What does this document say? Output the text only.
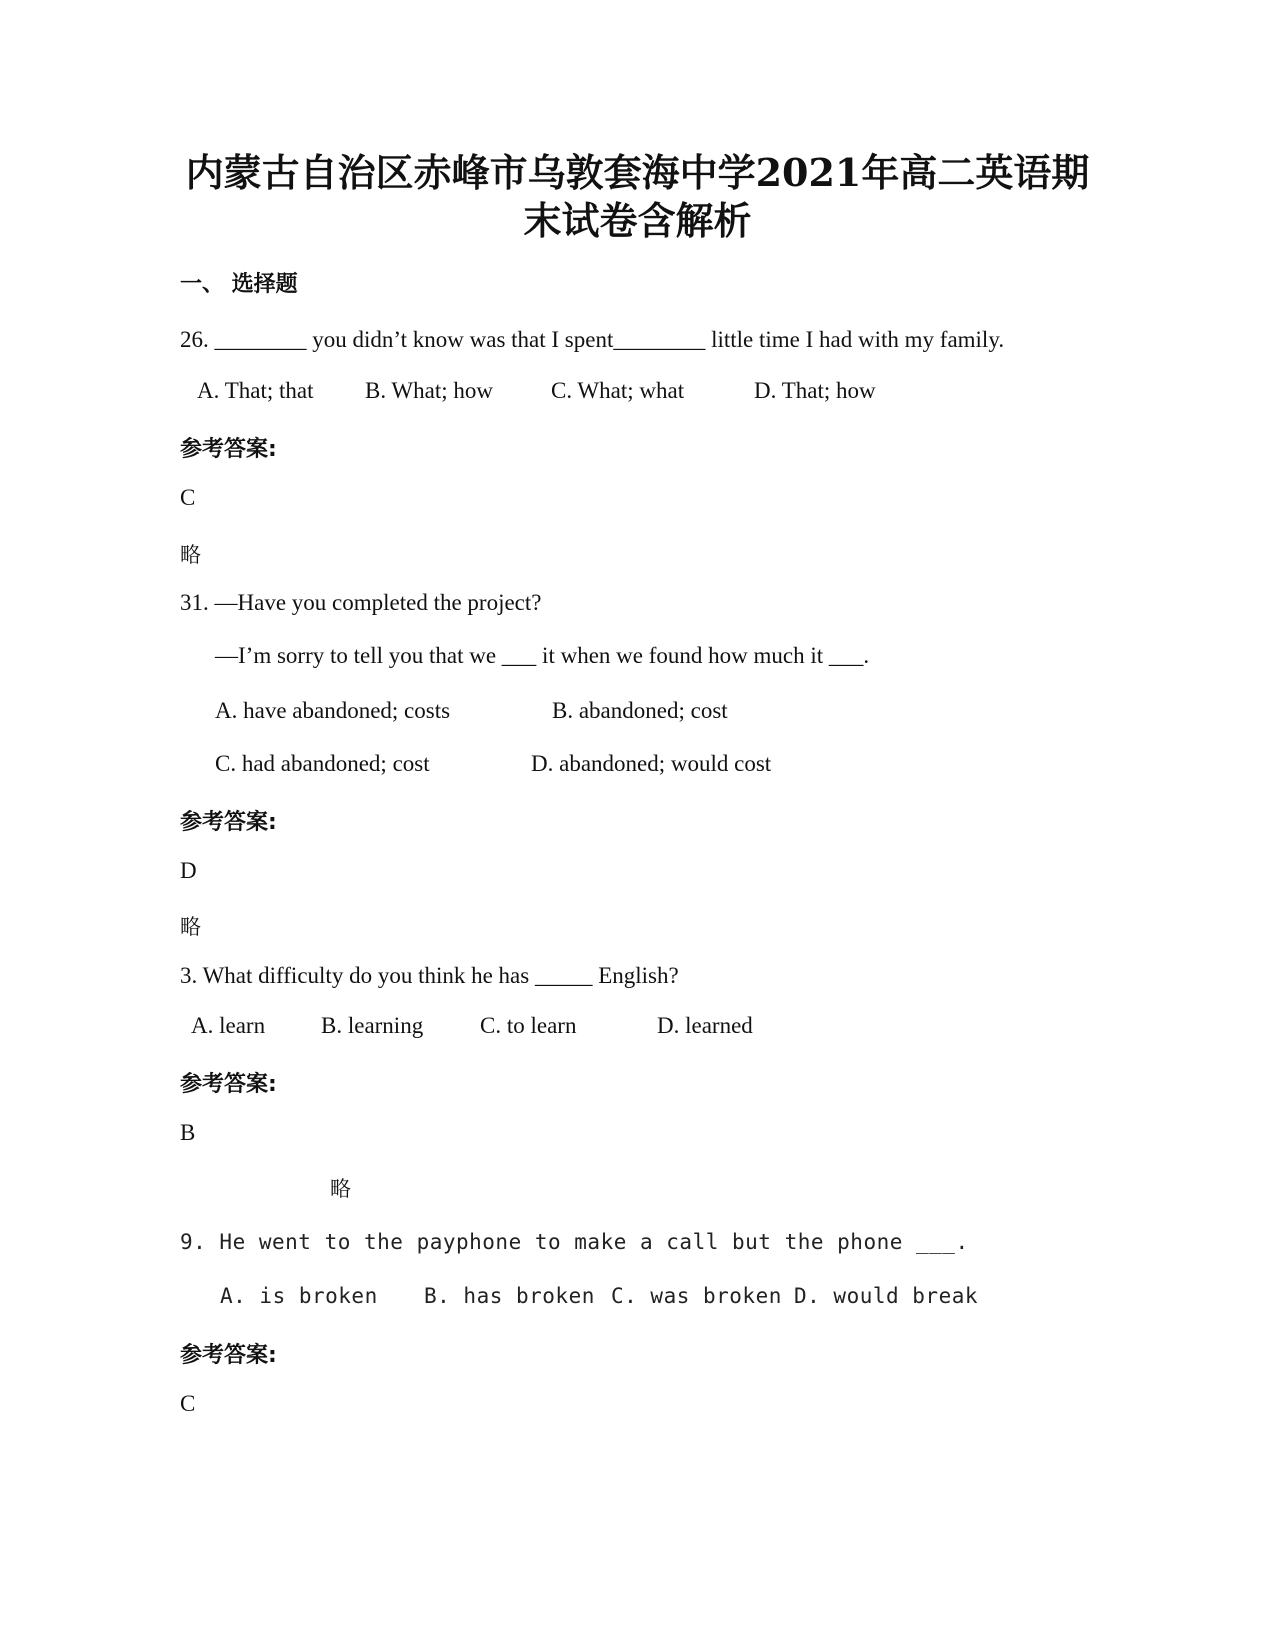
内蒙古自治区赤峰市乌敦套海中学2021年高二英语期
末试卷含解析
一、 选择题
26. ________ you didn’t know was that I spent________ little time I had with my family.
A. That; that B. What; how	C. What; what	D. That; how
参考答案:
C
略
31. —Have you completed the project?
—I’m sorry to tell you that we ___ it when we found how much it ___.
A. have abandoned; costs	B. abandoned; cost
C. had abandoned; cost	D. abandoned; would cost
参考答案:
D
略
3. What difficulty do you think he has _____ English?
A. learn B. learning C. to learn	D. learned
参考答案:
B
略
9. He went to the payphone to make a call but the phone ___.
A. is broken B. has broken C. was broken D. would break
参考答案:
C
